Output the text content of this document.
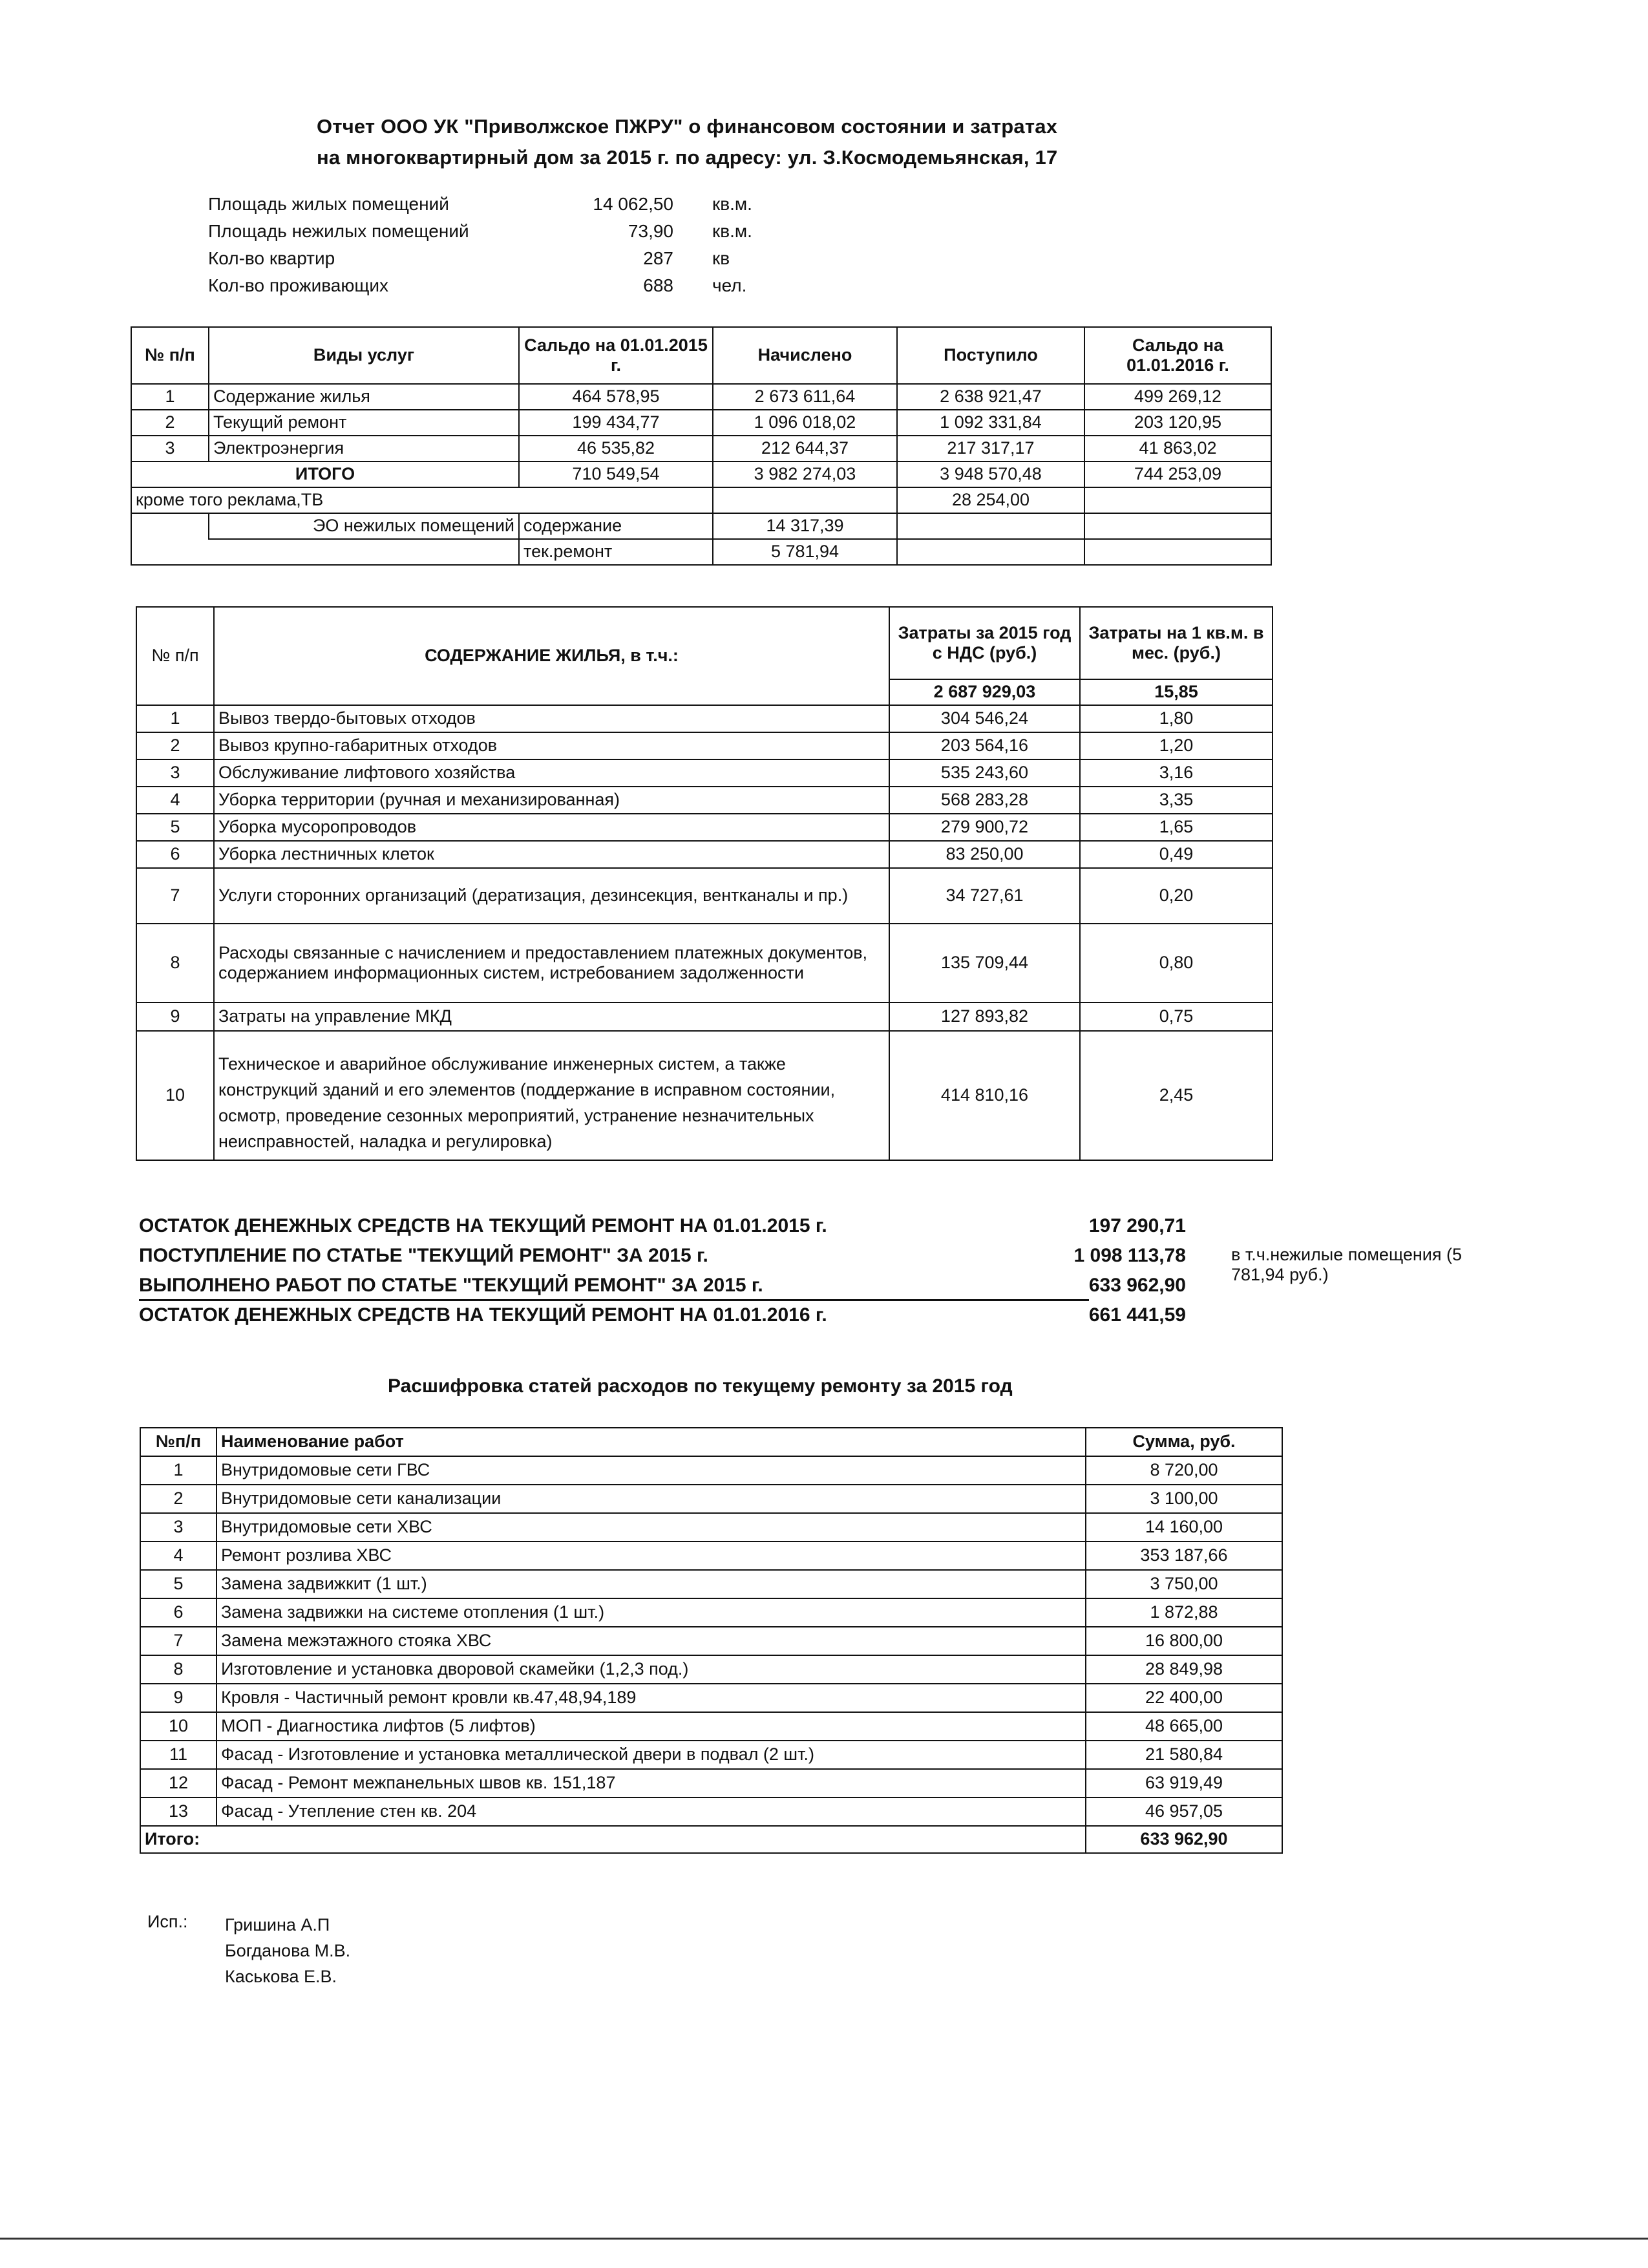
Отчет ООО УК "Приволжское ПЖРУ" о финансовом состоянии и затратах
на многоквартирный дом за 2015 г. по адресу: ул. З.Космодемьянская, 17
Площадь жилых помещений	14 062,50 кв.м.
Площадь нежилых помещений	73,90 кв.м.
Кол-во квартир	287 кв
Кол-во проживающих	688 чел.
№ п/п	Виды услуг	Сальдо на 01.01.2015 г.	Начислено	Поступило	Сальдо на 01.01.2016 г.
1	Содержание жилья	464 578,95	2 673 611,64	2 638 921,47	499 269,12
2	Текущий ремонт	199 434,77	1 096 018,02	1 092 331,84	203 120,95
3	Электроэнергия	46 535,82	212 644,37	217 317,17	41 863,02
ИТОГО		710 549,54	3 982 274,03	3 948 570,48	744 253,09
кроме того реклама,ТВ				28 254,00	
	ЭО нежилых помещений	содержание	14 317,39		
		тек.ремонт	5 781,94		
№ п/п	СОДЕРЖАНИЕ ЖИЛЬЯ, в т.ч.:	Затраты за 2015 год с НДС (руб.)	Затраты на 1 кв.м. в мес. (руб.)
		2 687 929,03	15,85
1	Вывоз твердо-бытовых отходов	304 546,24	1,80
2	Вывоз крупно-габаритных отходов	203 564,16	1,20
3	Обслуживание лифтового хозяйства	535 243,60	3,16
4	Уборка территории (ручная и механизированная)	568 283,28	3,35
5	Уборка мусоропроводов	279 900,72	1,65
6	Уборка лестничных клеток	83 250,00	0,49
7	Услуги сторонних организаций (дератизация, дезинсекция, вентканалы и пр.)	34 727,61	0,20
8	Расходы связанные с начислением и предоставлением платежных документов, содержанием информационных систем, истребованием задолженности	135 709,44	0,80
9	Затраты на управление МКД	127 893,82	0,75
10	Техническое и аварийное обслуживание инженерных систем, а также конструкций зданий и его элементов (поддержание в исправном состоянии, осмотр, проведение сезонных мероприятий, устранение незначительных неисправностей, наладка и регулировка)	414 810,16	2,45
ОСТАТОК ДЕНЕЖНЫХ СРЕДСТВ НА ТЕКУЩИЙ РЕМОНТ НА 01.01.2015 г.	197 290,71
ПОСТУПЛЕНИЕ ПО СТАТЬЕ "ТЕКУЩИЙ РЕМОНТ" ЗА 2015 г.	1 098 113,78	в т.ч.нежилые помещения (5 781,94 руб.)
ВЫПОЛНЕНО РАБОТ ПО СТАТЬЕ "ТЕКУЩИЙ РЕМОНТ" ЗА 2015 г.	633 962,90
ОСТАТОК ДЕНЕЖНЫХ СРЕДСТВ НА ТЕКУЩИЙ РЕМОНТ НА 01.01.2016 г.	661 441,59
Расшифровка статей расходов по текущему ремонту за 2015 год
№п/п	Наименование работ	Сумма, руб.
1	Внутридомовые сети ГВС	8 720,00
2	Внутридомовые сети канализации	3 100,00
3	Внутридомовые сети ХВС	14 160,00
4	Ремонт розлива ХВС	353 187,66
5	Замена задвижкит (1 шт.)	3 750,00
6	Замена задвижки на системе отопления (1 шт.)	1 872,88
7	Замена межэтажного стояка ХВС	16 800,00
8	Изготовление и установка дворовой скамейки (1,2,3 под.)	28 849,98
9	Кровля - Частичный ремонт кровли кв.47,48,94,189	22 400,00
10	МОП - Диагностика лифтов (5 лифтов)	48 665,00
11	Фасад - Изготовление и установка металлической двери в подвал (2 шт.)	21 580,84
12	Фасад - Ремонт межпанельных швов кв. 151,187	63 919,49
13	Фасад - Утепление стен кв. 204	46 957,05
Итого:		633 962,90
Исп.: Гришина А.П
Богданова М.В.
Каськова Е.В.
